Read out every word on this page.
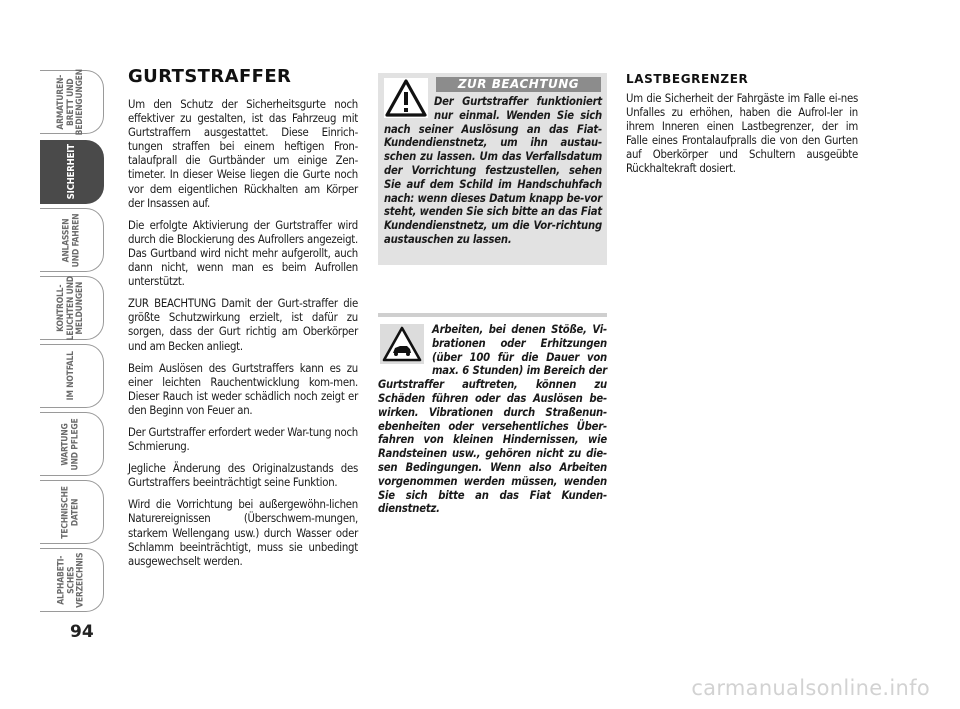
ARMATUREN-
BRETT UND
BEDIENGUNGEN
SICHERHEIT
ANLASSEN
UND FAHREN
KONTROLL-
LEUCHTEN UND
MELDUNGEN
IM NOTFALL
WARTUNG
UND PFLEGE
TECHNISCHE
DATEN
ALPHABETI-
SCHES
VERZEICHNIS
94
GURTSTRAFFER

Um den Schutz der Sicherheitsgurte noch effektiver zu gestalten, ist das Fahrzeug mit Gurtstraffern ausgestattet. Diese Einrich-tungen straffen bei einem heftigen Fron-talaufprall die Gurtbänder um einige Zen-timeter. In dieser Weise liegen die Gurte noch vor dem eigentlichen Rückhalten am Körper der Insassen auf.

Die erfolgte Aktivierung der Gurtstraffer wird durch die Blockierung des Aufrollers angezeigt. Das Gurtband wird nicht mehr aufgerollt, auch dann nicht, wenn man es beim Aufrollen unterstützt.

ZUR BEACHTUNG Damit der Gurt-straffer die größte Schutzwirkung erzielt, ist dafür zu sorgen, dass der Gurt richtig am Oberkörper und am Becken anliegt.

Beim Auslösen des Gurtstraffers kann es zu einer leichten Rauchentwicklung kom-men. Dieser Rauch ist weder schädlich noch zeigt er den Beginn von Feuer an.

Der Gurtstraffer erfordert weder War-tung noch Schmierung.

Jegliche Änderung des Originalzustands des Gurtstraffers beeinträchtigt seine Funktion.

Wird die Vorrichtung bei außergewöhn-lichen Naturereignissen (Überschwem-mungen, starkem Wellengang usw.) durch Wasser oder Schlamm beeinträchtigt, muss sie unbedingt ausgewechselt werden.

ZUR BEACHTUNG
Der Gurtstraffer funktioniert nur einmal. Wenden Sie sich nach seiner Auslösung an das Fiat-Kundendienstnetz, um ihn austau-schen zu lassen. Um das Verfallsdatum der Vorrichtung festzustellen, sehen Sie auf dem Schild im Handschuhfach nach: wenn dieses Datum knapp be-vor steht, wenden Sie sich bitte an das Fiat Kundendienstnetz, um die Vor-richtung austauschen zu lassen.
Arbeiten, bei denen Stöße, Vi-brationen oder Erhitzungen (über 100 für die Dauer von max. 6 Stunden) im Bereich der Gurtstraffer auftreten, können zu Schäden führen oder das Auslösen be-wirken. Vibrationen durch Straßenun-ebenheiten oder versehentliches Über-fahren von kleinen Hindernissen, wie Randsteinen usw., gehören nicht zu die-sen Bedingungen. Wenn also Arbeiten vorgenommen werden müssen, wenden Sie sich bitte an das Fiat Kunden-dienstnetz.
LASTBEGRENZER

Um die Sicherheit der Fahrgäste im Falle ei-nes Unfalles zu erhöhen, haben die Aufrol-ler in ihrem Inneren einen Lastbegrenzer, der im Falle eines Frontalaufpralls die von den Gurten auf Oberkörper und Schultern ausgeübte Rückhaltekraft dosiert.

carmanualsonline.info
